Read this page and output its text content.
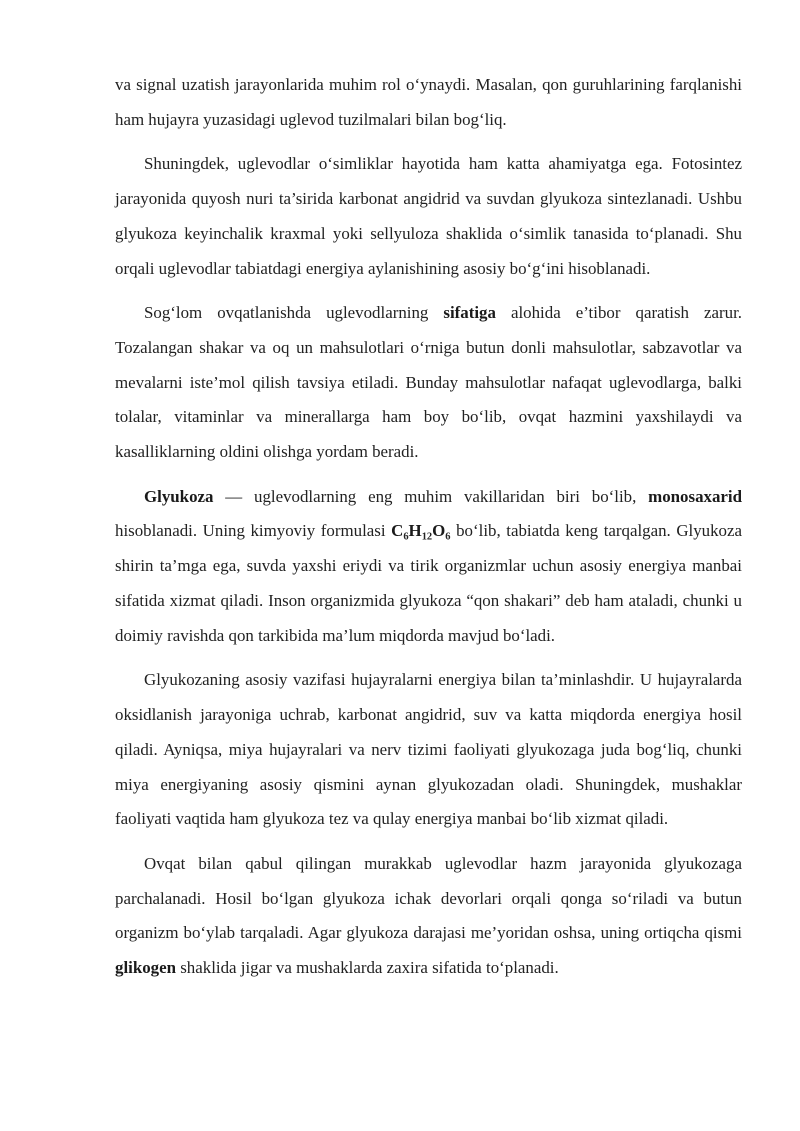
va signal uzatish jarayonlarida muhim rol o‘ynaydi. Masalan, qon guruhlarining farqlanishi ham hujayra yuzasidagi uglevod tuzilmalari bilan bog‘liq.

Shuningdek, uglevodlar o‘simliklar hayotida ham katta ahamiyatga ega. Fotosintez jarayonida quyosh nuri ta’sirida karbonat angidrid va suvdan glyukoza sintezlanadi. Ushbu glyukoza keyinchalik kraxmal yoki sellyuloza shaklida o‘simlik tanasida to‘planadi. Shu orqali uglevodlar tabiatdagi energiya aylanishining asosiy bo‘g‘ini hisoblanadi.

Sog‘lom ovqatlanishda uglevodlarning sifatiga alohida e’tibor qaratish zarur. Tozalangan shakar va oq un mahsulotlari o‘rniga butun donli mahsulotlar, sabzavotlar va mevalarni iste’mol qilish tavsiya etiladi. Bunday mahsulotlar nafaqat uglevodlarga, balki tolalar, vitaminlar va minerallarga ham boy bo‘lib, ovqat hazmini yaxshilaydi va kasalliklarning oldini olishga yordam beradi.

Glyukoza — uglevodlarning eng muhim vakillaridan biri bo‘lib, monosaxarid hisoblanadi. Uning kimyoviy formulasi $C_6H_{12}O_6$ bo‘lib, tabiatda keng tarqalgan. Glyukoza shirin ta’mga ega, suvda yaxshi eriydi va tirik organizmlar uchun asosiy energiya manbai sifatida xizmat qiladi. Inson organizmida glyukoza “qon shakari” deb ham ataladi, chunki u doimiy ravishda qon tarkibida ma’lum miqdorda mavjud bo‘ladi.

Glyukozaning asosiy vazifasi hujayralarni energiya bilan ta’minlashdir. U hujayralarda oksidlanish jarayoniga uchrab, karbonat angidrid, suv va katta miqdorda energiya hosil qiladi. Ayniqsa, miya hujayralari va nerv tizimi faoliyati glyukozaga juda bog‘liq, chunki miya energiyaning asosiy qismini aynan glyukozadan oladi. Shuningdek, mushaklar faoliyati vaqtida ham glyukoza tez va qulay energiya manbai bo‘lib xizmat qiladi.

Ovqat bilan qabul qilingan murakkab uglevodlar hazm jarayonida glyukozaga parchalanadi. Hosil bo‘lgan glyukoza ichak devorlari orqali qonga so‘riladi va butun organizm bo‘ylab tarqaladi. Agar glyukoza darajasi me’yoridan oshsa, uning ortiqcha qismi glikogen shaklida jigar va mushaklarda zaxira sifatida to‘planadi.
